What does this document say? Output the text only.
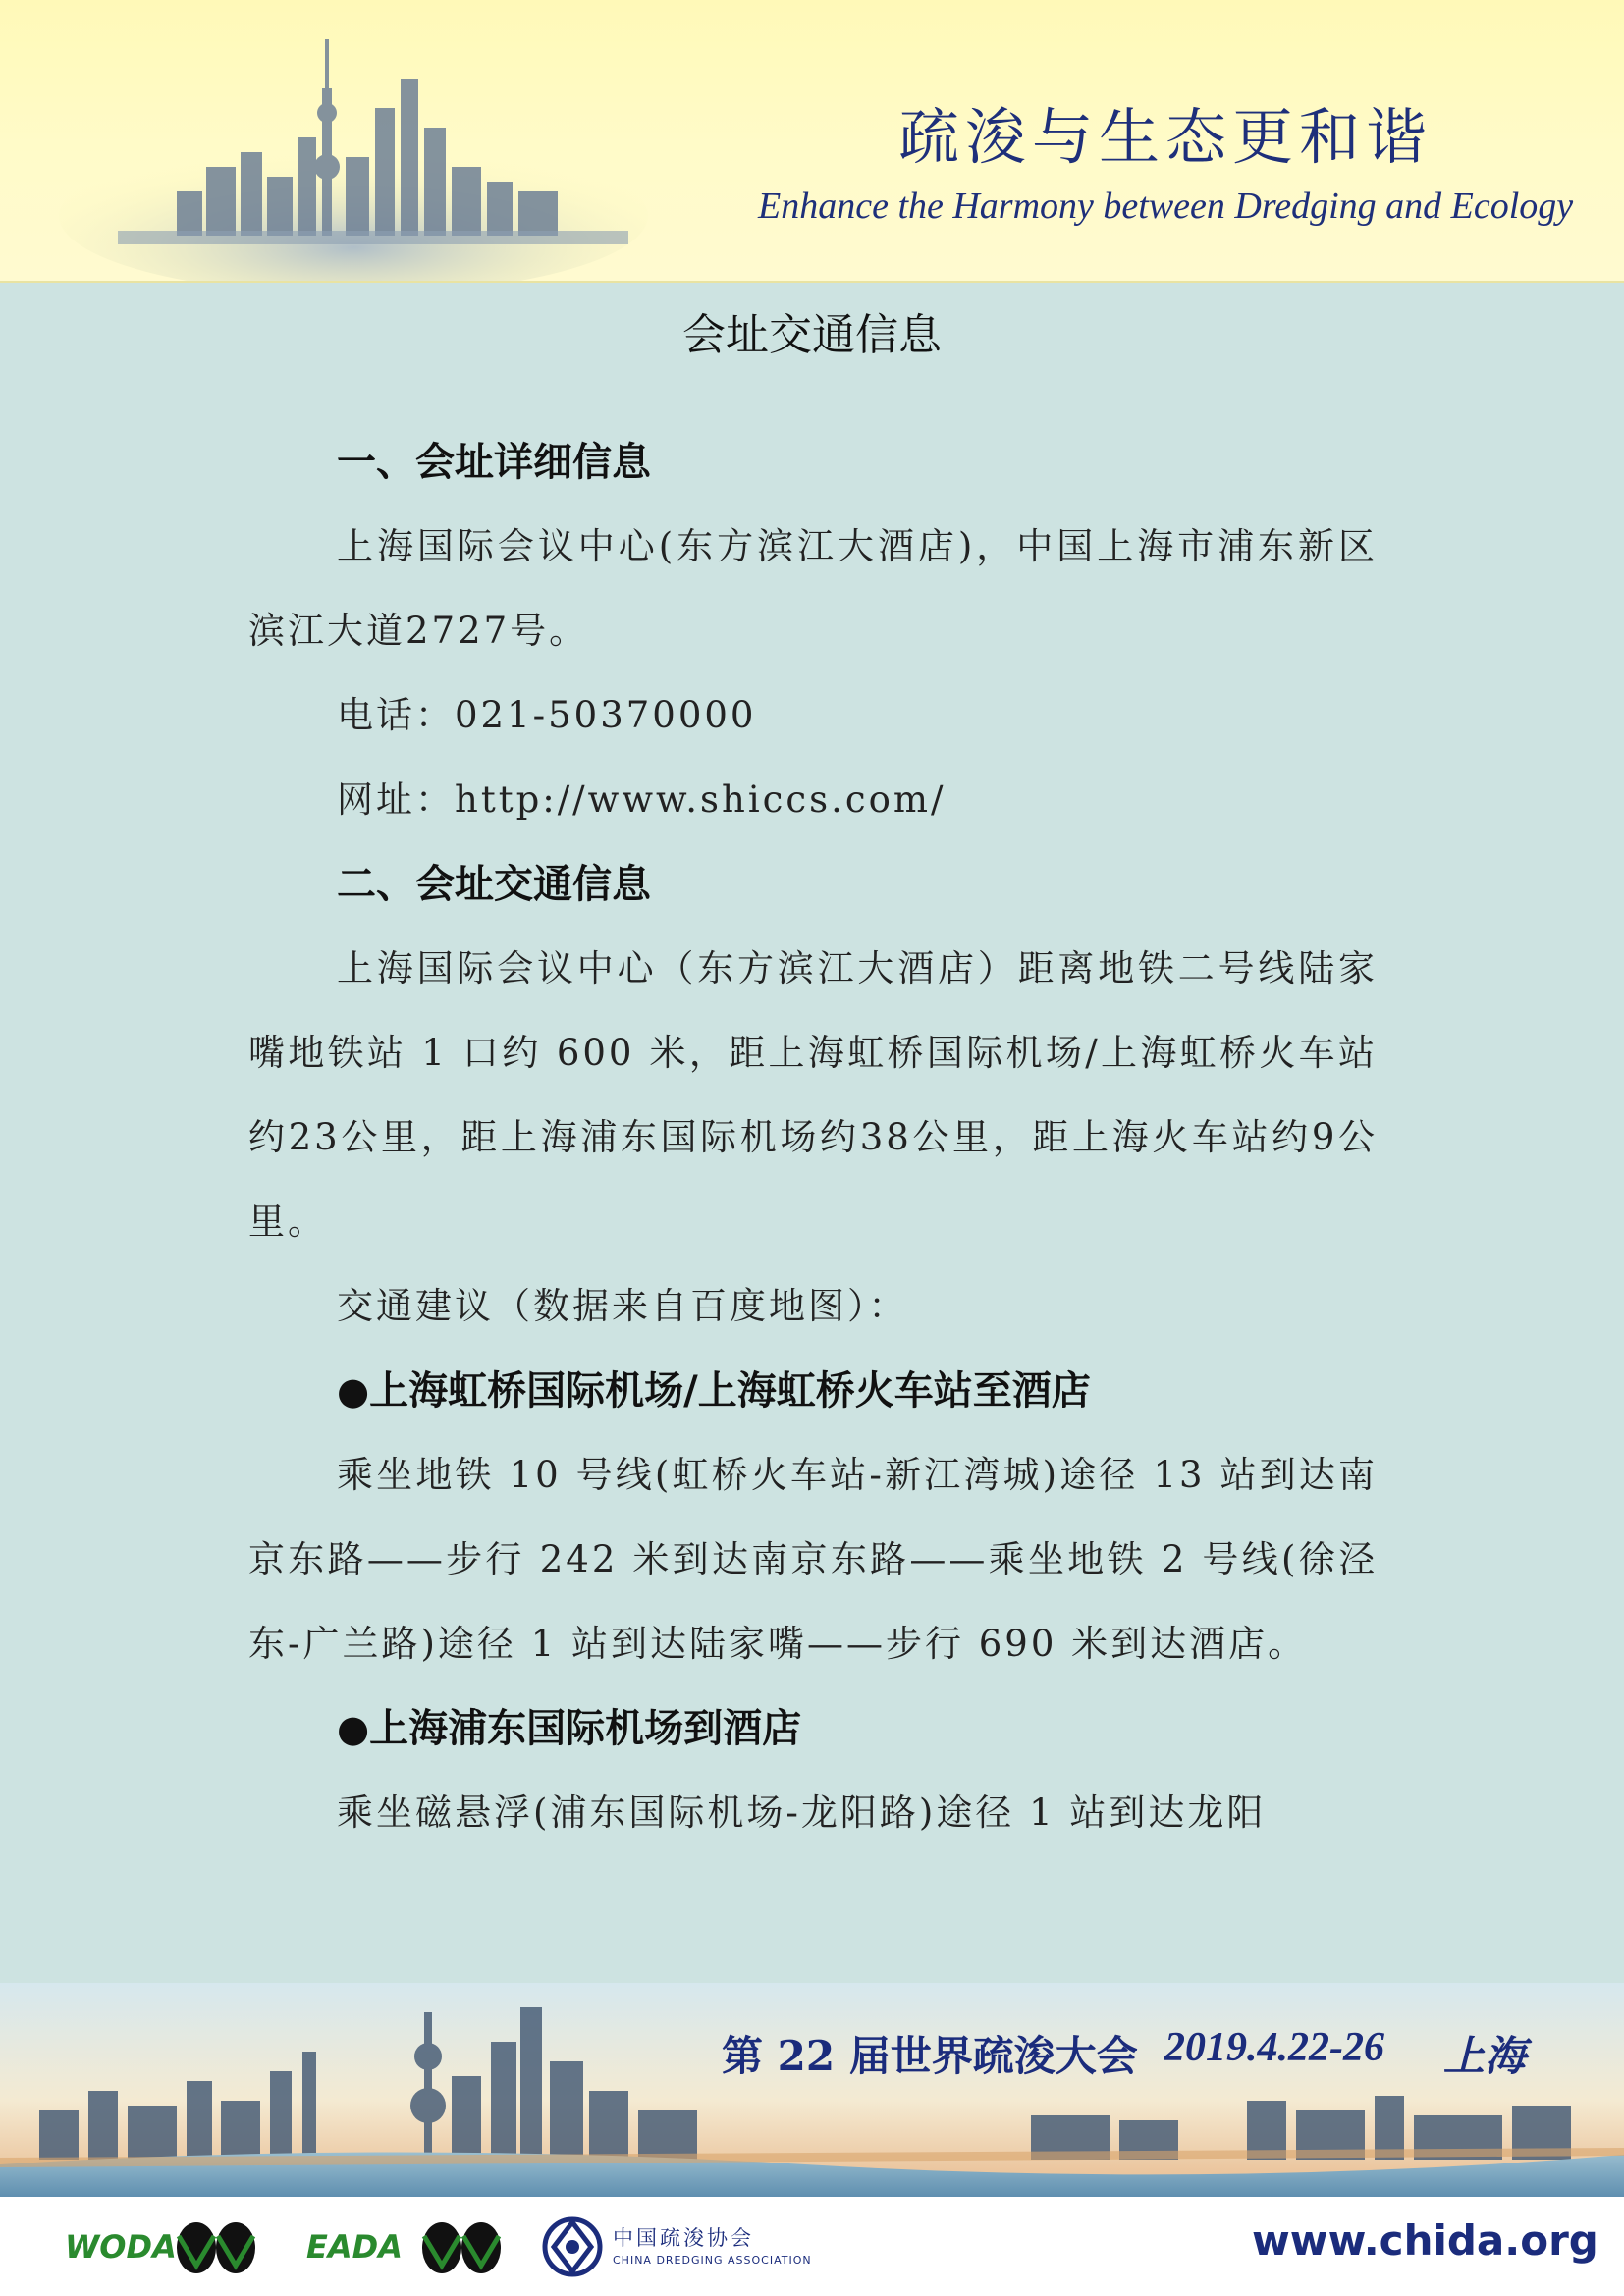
疏浚与生态更和谐
Enhance the Harmony between Dredging and Ecology
会址交通信息

一、会址详细信息

上海国际会议中心(东方滨江大酒店)，中国上海市浦东新区滨江大道2727号。

电话：021-50370000

网址：http://www.shiccs.com/

二、会址交通信息

上海国际会议中心（东方滨江大酒店）距离地铁二号线陆家嘴地铁站 1 口约 600 米，距上海虹桥国际机场/上海虹桥火车站约23公里，距上海浦东国际机场约38公里，距上海火车站约9公里。

交通建议（数据来自百度地图）：

●上海虹桥国际机场/上海虹桥火车站至酒店

乘坐地铁 10 号线(虹桥火车站-新江湾城)途径 13 站到达南京东路——步行 242 米到达南京东路——乘坐地铁 2 号线(徐泾东-广兰路)途径 1 站到达陆家嘴——步行 690 米到达酒店。

●上海浦东国际机场到酒店

乘坐磁悬浮(浦东国际机场-龙阳路)途径 1 站到达龙阳

第 22 届世界疏浚大会 2019.4.22-26 上海
WODA	EADA	中国疏浚协会
CHINA DREDGING ASSOCIATION	www.chida.org
